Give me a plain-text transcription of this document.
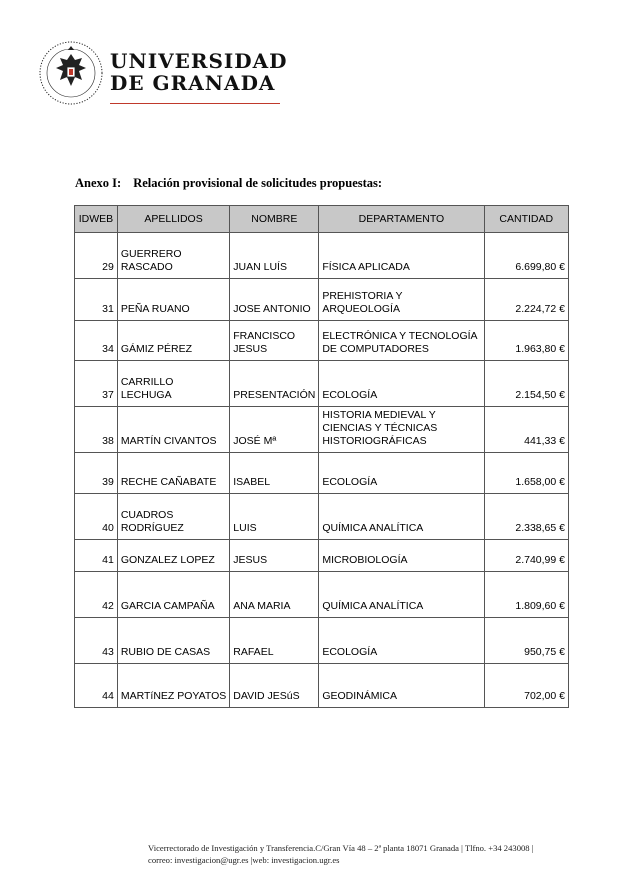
UNIVERSIDAD
DE GRANADA
Anexo I: Relación provisional de solicitudes propuestas:
IDWEB	APELLIDOS	NOMBRE	DEPARTAMENTO	CANTIDAD
29	GUERRERO RASCADO	JUAN LUÍS	FÍSICA APLICADA	6.699,80 €
31	PEÑA RUANO	JOSE ANTONIO	PREHISTORIA Y ARQUEOLOGÍA	2.224,72 €
34	GÁMIZ PÉREZ	FRANCISCO JESUS	ELECTRÓNICA Y TECNOLOGÍA DE COMPUTADORES	1.963,80 €
37	CARRILLO LECHUGA	PRESENTACIÓN	ECOLOGÍA	2.154,50 €
38	MARTÍN CIVANTOS	JOSÉ Mª	HISTORIA MEDIEVAL Y CIENCIAS Y TÉCNICAS HISTORIOGRÁFICAS	441,33 €
39	RECHE CAÑABATE	ISABEL	ECOLOGÍA	1.658,00 €
40	CUADROS RODRÍGUEZ	LUIS	QUÍMICA ANALÍTICA	2.338,65 €
41	GONZALEZ LOPEZ	JESUS	MICROBIOLOGÍA	2.740,99 €
42	GARCIA CAMPAÑA	ANA MARIA	QUÍMICA ANALÍTICA	1.809,60 €
43	RUBIO DE CASAS	RAFAEL	ECOLOGÍA	950,75 €
44	MARTíNEZ POYATOS	DAVID JESúS	GEODINÁMICA	702,00 €
Vicerrectorado de Investigación y Transferencia.C/Gran Vía 48 – 2ª planta 18071 Granada | Tlfno. +34 243008 |
correo: investigacion@ugr.es |web: investigacion.ugr.es
